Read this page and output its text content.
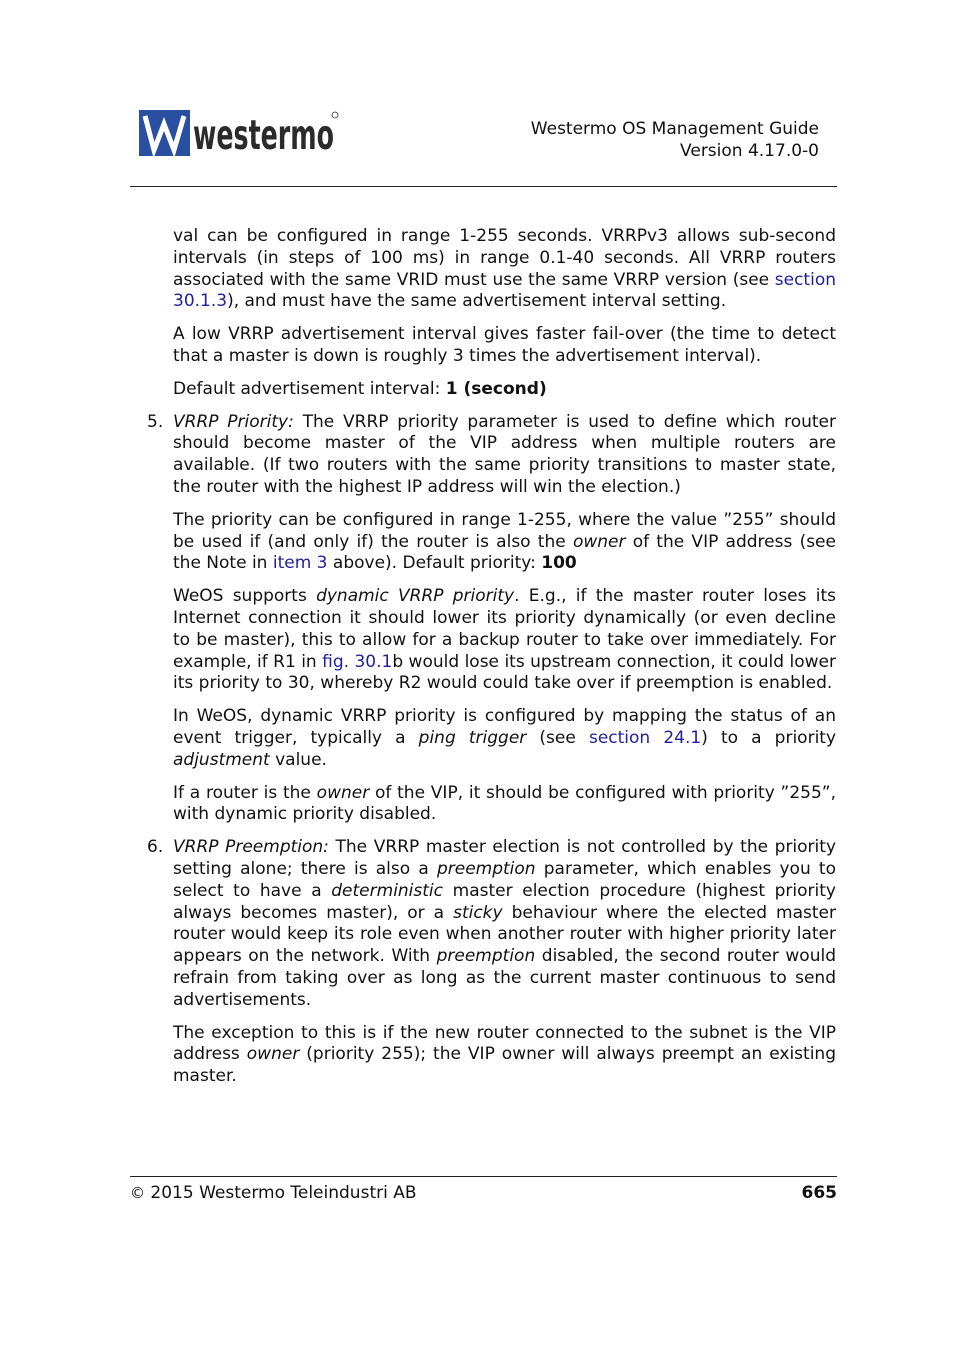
westermo	Westermo OS Management Guide
Version 4.17.0-0

val can be configured in range 1-255 seconds. VRRPv3 allows sub-second intervals (in steps of 100 ms) in range 0.1-40 seconds. All VRRP routers associated with the same VRID must use the same VRRP version (see section 30.1.3), and must have the same advertisement interval setting.

A low VRRP advertisement interval gives faster fail-over (the time to detect that a master is down is roughly 3 times the advertisement interval).

Default advertisement interval: 1 (second)

5. VRRP Priority: The VRRP priority parameter is used to define which router should become master of the VIP address when multiple routers are available. (If two routers with the same priority transitions to master state, the router with the highest IP address will win the election.)

The priority can be configured in range 1-255, where the value ”255” should be used if (and only if) the router is also the owner of the VIP address (see the Note in item 3 above). Default priority: 100

WeOS supports dynamic VRRP priority. E.g., if the master router loses its Internet connection it should lower its priority dynamically (or even decline to be master), this to allow for a backup router to take over immediately. For example, if R1 in fig. 30.1b would lose its upstream connection, it could lower its priority to 30, whereby R2 would could take over if preemption is enabled.

In WeOS, dynamic VRRP priority is configured by mapping the status of an event trigger, typically a ping trigger (see section 24.1) to a priority adjustment value.

If a router is the owner of the VIP, it should be configured with priority ”255”, with dynamic priority disabled.

6. VRRP Preemption: The VRRP master election is not controlled by the priority setting alone; there is also a preemption parameter, which enables you to select to have a deterministic master election procedure (highest priority always becomes master), or a sticky behaviour where the elected master router would keep its role even when another router with higher priority later appears on the network. With preemption disabled, the second router would refrain from taking over as long as the current master continuous to send advertisements.

The exception to this is if the new router connected to the subnet is the VIP address owner (priority 255); the VIP owner will always preempt an existing master.

© 2015 Westermo Teleindustri AB	665
